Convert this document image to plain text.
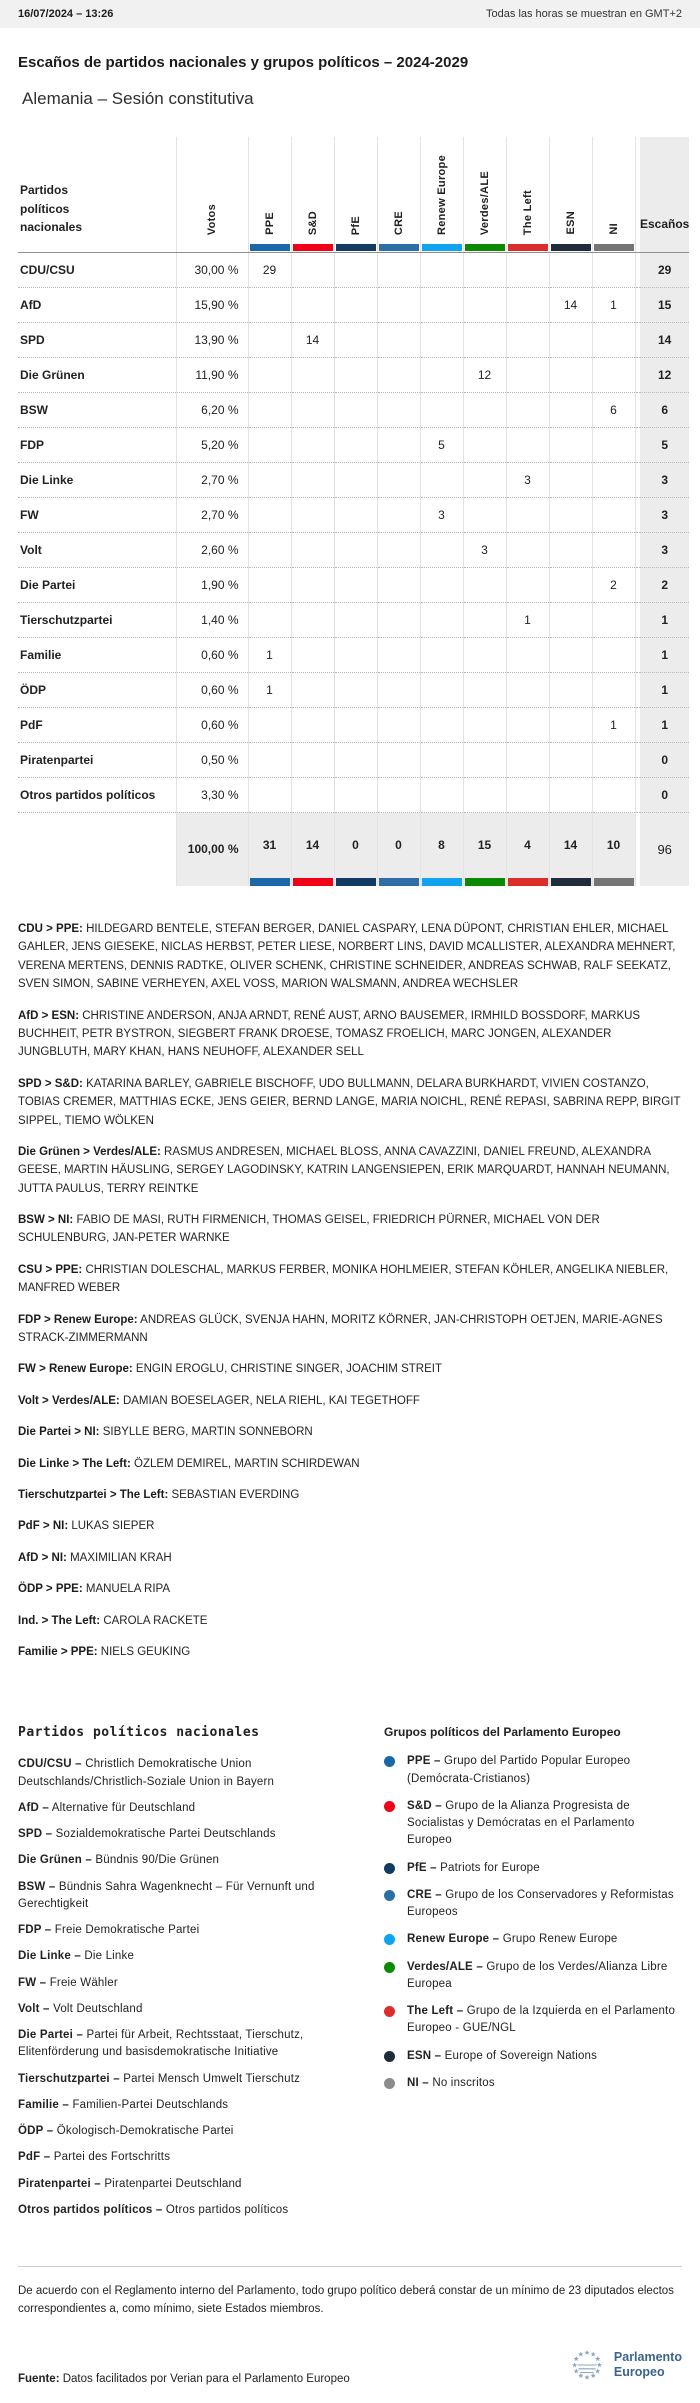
16/07/2024 – 13:26	Todas las horas se muestran en GMT+2
Escaños de partidos nacionales y grupos políticos – 2024-2029
Alemania – Sesión constitutiva
Partidos políticos nacionales	Votos	PPE	S&D	PfE	CRE	Renew Europe	Verdes/ALE	The Left	ESN	NI		Escaños

CDU/CSU	30,00 %	29										29
AfD	15,90 %								14	1		15
SPD	13,90 %		14									14
Die Grünen	11,90 %						12					12
BSW	6,20 %									6		6
FDP	5,20 %					5						5
Die Linke	2,70 %							3				3
FW	2,70 %					3						3
Volt	2,60 %						3					3
Die Partei	1,90 %									2		2
Tierschutzpartei	1,40 %							1				1
Familie	0,60 %	1										1
ÖDP	0,60 %	1										1
PdF	0,60 %									1		1
Piratenpartei	0,50 %											0
Otros partidos políticos	3,30 %											0
	100,00 %	31	14	0	0	8	15	4	14	10		96

CDU > PPE: HILDEGARD BENTELE, STEFAN BERGER, DANIEL CASPARY, LENA DÜPONT, CHRISTIAN EHLER, MICHAEL GAHLER, JENS GIESEKE, NICLAS HERBST, PETER LIESE, NORBERT LINS, DAVID MCALLISTER, ALEXANDRA MEHNERT, VERENA MERTENS, DENNIS RADTKE, OLIVER SCHENK, CHRISTINE SCHNEIDER, ANDREAS SCHWAB, RALF SEEKATZ, SVEN SIMON, SABINE VERHEYEN, AXEL VOSS, MARION WALSMANN, ANDREA WECHSLER

AfD > ESN: CHRISTINE ANDERSON, ANJA ARNDT, RENÉ AUST, ARNO BAUSEMER, IRMHILD BOSSDORF, MARKUS BUCHHEIT, PETR BYSTRON, SIEGBERT FRANK DROESE, TOMASZ FROELICH, MARC JONGEN, ALEXANDER JUNGBLUTH, MARY KHAN, HANS NEUHOFF, ALEXANDER SELL

SPD > S&D: KATARINA BARLEY, GABRIELE BISCHOFF, UDO BULLMANN, DELARA BURKHARDT, VIVIEN COSTANZO, TOBIAS CREMER, MATTHIAS ECKE, JENS GEIER, BERND LANGE, MARIA NOICHL, RENÉ REPASI, SABRINA REPP, BIRGIT SIPPEL, TIEMO WÖLKEN

Die Grünen > Verdes/ALE: RASMUS ANDRESEN, MICHAEL BLOSS, ANNA CAVAZZINI, DANIEL FREUND, ALEXANDRA GEESE, MARTIN HÄUSLING, SERGEY LAGODINSKY, KATRIN LANGENSIEPEN, ERIK MARQUARDT, HANNAH NEUMANN, JUTTA PAULUS, TERRY REINTKE

BSW > NI: FABIO DE MASI, RUTH FIRMENICH, THOMAS GEISEL, FRIEDRICH PÜRNER, MICHAEL VON DER SCHULENBURG, JAN-PETER WARNKE

CSU > PPE: CHRISTIAN DOLESCHAL, MARKUS FERBER, MONIKA HOHLMEIER, STEFAN KÖHLER, ANGELIKA NIEBLER, MANFRED WEBER

FDP > Renew Europe: ANDREAS GLÜCK, SVENJA HAHN, MORITZ KÖRNER, JAN-CHRISTOPH OETJEN, MARIE-AGNES STRACK-ZIMMERMANN

FW > Renew Europe: ENGIN EROGLU, CHRISTINE SINGER, JOACHIM STREIT

Volt > Verdes/ALE: DAMIAN BOESELAGER, NELA RIEHL, KAI TEGETHOFF

Die Partei > NI: SIBYLLE BERG, MARTIN SONNEBORN

Die Linke > The Left: ÖZLEM DEMIREL, MARTIN SCHIRDEWAN

Tierschutzpartei > The Left: SEBASTIAN EVERDING

PdF > NI: LUKAS SIEPER

AfD > NI: MAXIMILIAN KRAH

ÖDP > PPE: MANUELA RIPA

Ind. > The Left: CAROLA RACKETE

Familie > PPE: NIELS GEUKING

Partidos políticos nacionales

CDU/CSU – Christlich Demokratische Union Deutschlands/Christlich-Soziale Union in Bayern

AfD – Alternative für Deutschland

SPD – Sozialdemokratische Partei Deutschlands

Die Grünen – Bündnis 90/Die Grünen

BSW – Bündnis Sahra Wagenknecht – Für Vernunft und Gerechtigkeit

FDP – Freie Demokratische Partei

Die Linke – Die Linke

FW – Freie Wähler

Volt – Volt Deutschland

Die Partei – Partei für Arbeit, Rechtsstaat, Tierschutz, Elitenförderung und basisdemokratische Initiative

Tierschutzpartei – Partei Mensch Umwelt Tierschutz

Familie – Familien-Partei Deutschlands

ÖDP – Ökologisch-Demokratische Partei

PdF – Partei des Fortschritts

Piratenpartei – Piratenpartei Deutschland

Otros partidos políticos – Otros partidos políticos

Grupos políticos del Parlamento Europeo

PPE – Grupo del Partido Popular Europeo (Demócrata-Cristianos)

S&D – Grupo de la Alianza Progresista de Socialistas y Demócratas en el Parlamento Europeo

PfE – Patriots for Europe

CRE – Grupo de los Conservadores y Reformistas Europeos

Renew Europe – Grupo Renew Europe

Verdes/ALE – Grupo de los Verdes/Alianza Libre Europea

The Left – Grupo de la Izquierda en el Parlamento Europeo - GUE/NGL

ESN – Europe of Sovereign Nations

NI – No inscritos

De acuerdo con el Reglamento interno del Parlamento, todo grupo político deberá constar de un mínimo de 23 diputados electos correspondientes a, como mínimo, siete Estados miembros.

Fuente: Datos facilitados por Verian para el Parlamento Europeo

Parlamento
Europeo
